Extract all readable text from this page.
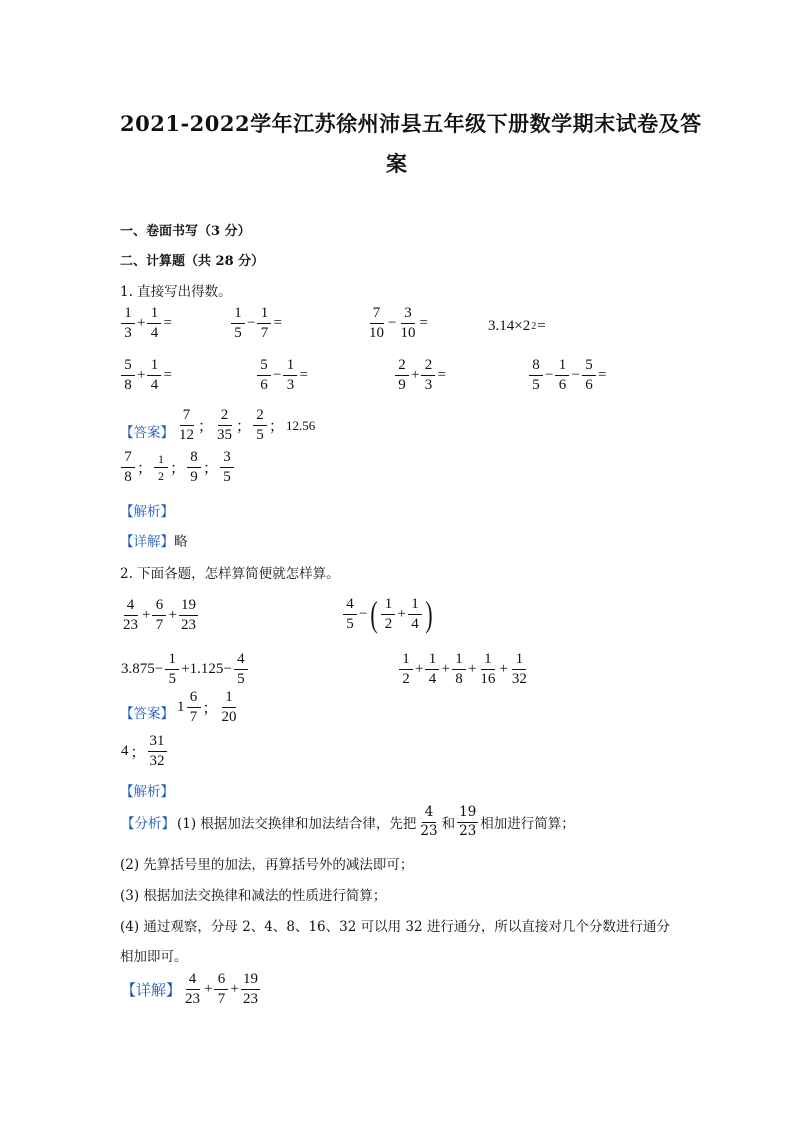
2021-2022学年江苏徐州沛县五年级下册数学期末试卷及答
案
一、卷面书写（3 分）
二、计算题（共 28 分）
1. 直接写出得数。
$\frac{1}{3} + \frac{1}{4}$ =	$\frac{1}{5} - \frac{1}{7}$ =	$\frac{7}{10} - \frac{3}{10}$ =	3.14×2 2 =
$\frac{5}{8} + \frac{1}{4}$ =	$\frac{5}{6} - \frac{1}{3}$ =	$\frac{2}{9} + \frac{2}{3}$ =	$\frac{8}{5} - \frac{1}{6} - \frac{5}{6}$ =
【答案】 $\frac{7}{12}$ ； $\frac{2}{35}$ ； $\frac{2}{5}$ ； 12.56
$\frac{7}{8}$ ； $\frac{1}{2}$ ； $\frac{8}{9}$ ； $\frac{3}{5}$
【解析】
【详解】略
2. 下面各题，怎样算简便就怎样算。
$\frac{4}{23} + \frac{6}{7} + \frac{19}{23}$	$\frac{4}{5}$ − ( $\frac{1}{2} + \frac{1}{4}$ )
$3.875- \frac{1}{5} +1.125- \frac{4}{5}$	$\frac{1}{2} + \frac{1}{4} + \frac{1}{8} + \frac{1}{16} + \frac{1}{32}$
【答案】 $1 \frac{6}{7}$ ； $\frac{1}{20}$
4 ； $\frac{31}{32}$
【解析】
【分析】 (1) 根据加法交换律和加法结合律，先把 $\frac{4}{23}$ 和 $\frac{19}{23}$ 相加进行简算；
(2) 先算括号里的加法，再算括号外的减法即可；
(3) 根据加法交换律和减法的性质进行简算；
(4) 通过观察，分母 2、4、8、16、32 可以用 32 进行通分，所以直接对几个分数进行通分
相加即可。
【详解】 $\frac{4}{23} + \frac{6}{7} + \frac{19}{23}$
